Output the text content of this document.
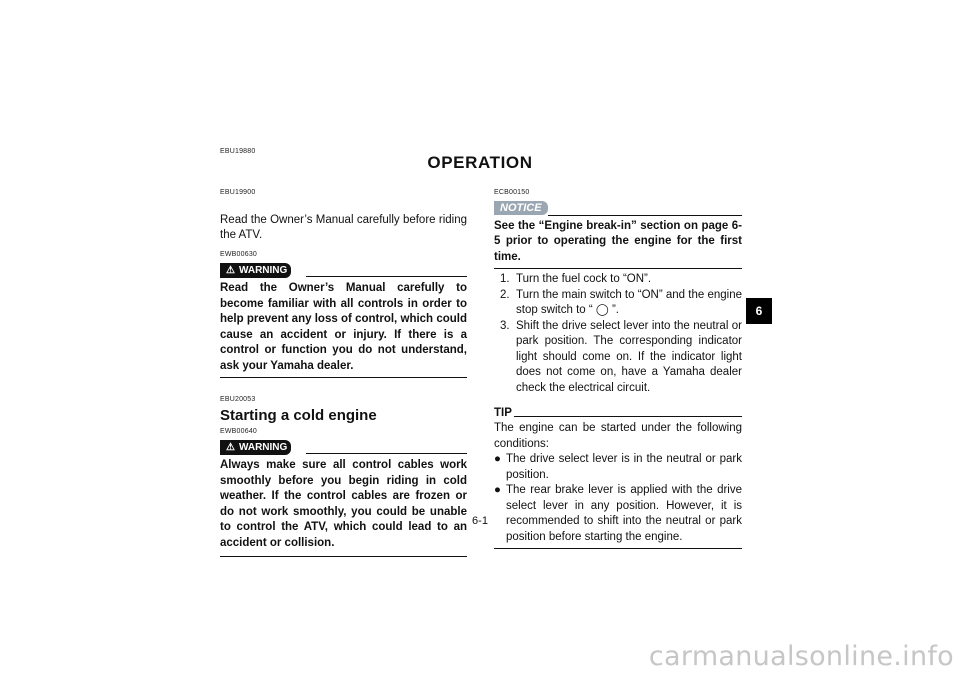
EBU19880
OPERATION
EBU19900
Read the Owner’s Manual carefully before riding the ATV.
EWB00630
⚠ WARNING
Read the Owner’s Manual carefully to become familiar with all controls in order to help prevent any loss of control, which could cause an accident or injury. If there is a control or function you do not understand, ask your Yamaha dealer.
EBU20053
Starting a cold engine
EWB00640
⚠ WARNING
Always make sure all control cables work smoothly before you begin riding in cold weather. If the control cables are frozen or do not work smoothly, you could be unable to control the ATV, which could lead to an accident or collision.
ECB00150
NOTICE
See the “Engine break-in” section on page 6-5 prior to operating the engine for the first time.
1. Turn the fuel cock to “ON”.
2. Turn the main switch to “ON” and the engine stop switch to “ ◯ ”.
3. Shift the drive select lever into the neutral or park position. The corresponding indicator light should come on. If the indicator light does not come on, have a Yamaha dealer check the electrical circuit.
TIP
The engine can be started under the following conditions:
● The drive select lever is in the neutral or park position.
● The rear brake lever is applied with the drive select lever in any position. However, it is recommended to shift into the neutral or park position before starting the engine.
6-1
6
carmanualsonline.info
